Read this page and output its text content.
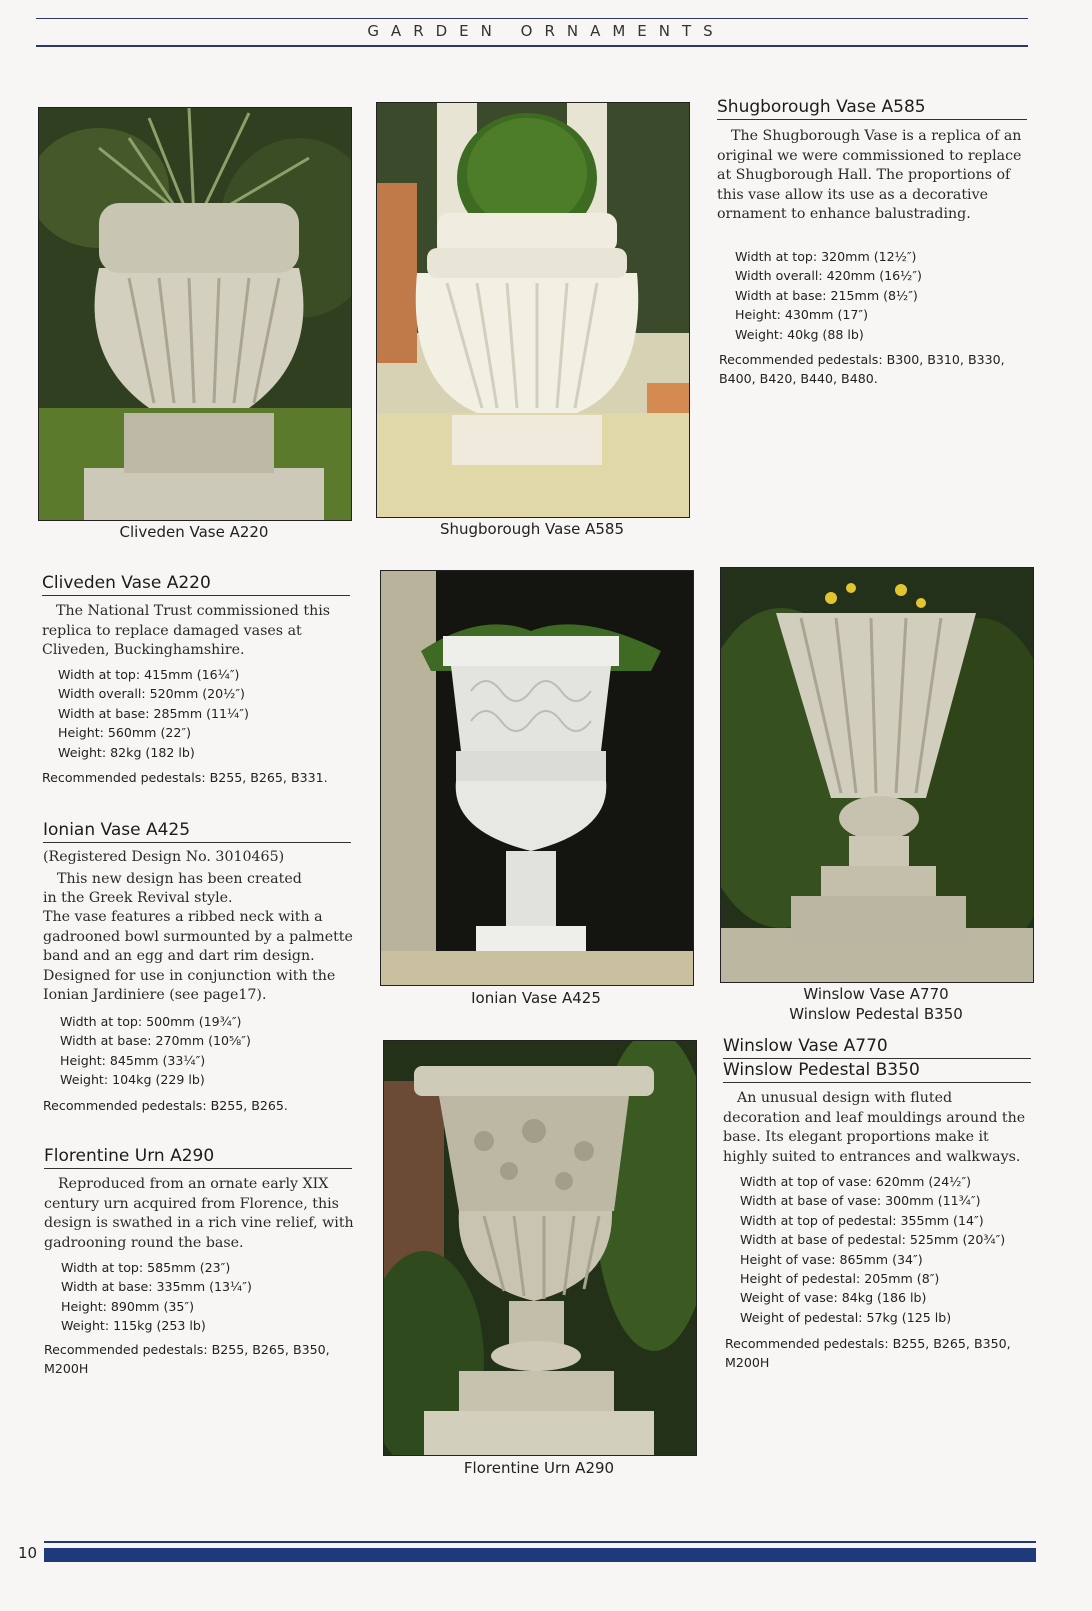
GARDEN ORNAMENTS
Cliveden Vase A220	Shugborough Vase A585
Shugborough Vase A585
The Shugborough Vase is a replica of an original we were commissioned to replace at Shugborough Hall. The proportions of this vase allow its use as a decorative ornament to enhance balustrading.
Width at top: 320mm (12½″)
Width overall: 420mm (16½″)
Width at base: 215mm (8½″)
Height: 430mm (17″)
Weight: 40kg (88 lb)
Recommended pedestals: B300, B310, B330, B400, B420, B440, B480.
Cliveden Vase A220
The National Trust commissioned this replica to replace damaged vases at Cliveden, Buckinghamshire.
Width at top: 415mm (16¼″)
Width overall: 520mm (20½″)
Width at base: 285mm (11¼″)
Height: 560mm (22″)
Weight: 82kg (182 lb)
Recommended pedestals: B255, B265, B331.
Ionian Vase A425	Winslow Vase A770
Winslow Pedestal B350
Ionian Vase A425
(Registered Design No. 3010465)
This new design has been created
in the Greek Revival style.
The vase features a ribbed neck with a gadrooned bowl surmounted by a palmette band and an egg and dart rim design. Designed for use in conjunction with the Ionian Jardiniere (see page17).
Width at top: 500mm (19¾″)
Width at base: 270mm (10⅝″)
Height: 845mm (33¼″)
Weight: 104kg (229 lb)
Recommended pedestals: B255, B265.
Winslow Vase A770
Winslow Pedestal B350
An unusual design with fluted decoration and leaf mouldings around the base. Its elegant proportions make it highly suited to entrances and walkways.
Width at top of vase: 620mm (24½″)
Width at base of vase: 300mm (11¾″)
Width at top of pedestal: 355mm (14″)
Width at base of pedestal: 525mm (20¾″)
Height of vase: 865mm (34″)
Height of pedestal: 205mm (8″)
Weight of vase: 84kg (186 lb)
Weight of pedestal: 57kg (125 lb)
Recommended pedestals: B255, B265, B350, M200H
Florentine Urn A290
Reproduced from an ornate early XIX century urn acquired from Florence, this design is swathed in a rich vine relief, with gadrooning round the base.
Width at top: 585mm (23″)
Width at base: 335mm (13¼″)
Height: 890mm (35″)
Weight: 115kg (253 lb)
Recommended pedestals: B255, B265, B350, M200H
Florentine Urn A290
10
